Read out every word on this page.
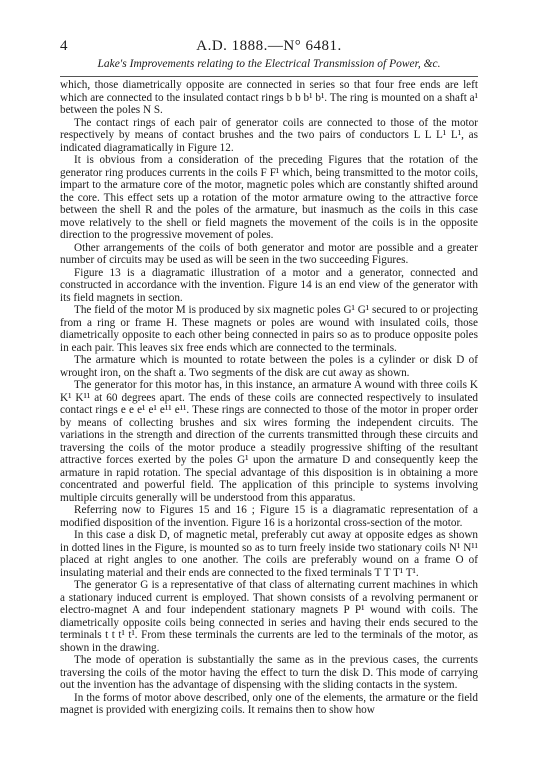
4	A.D. 1888.—N° 6481.
Lake's Improvements relating to the Electrical Transmission of Power, &c.

which, those diametrically opposite are connected in series so that four free ends are left which are connected to the insulated contact rings b b b¹ b¹. The ring is mounted on a shaft a¹ between the poles N S.

The contact rings of each pair of generator coils are connected to those of the motor respectively by means of contact brushes and the two pairs of conductors L L L¹ L¹, as indicated diagramatically in Figure 12.

It is obvious from a consideration of the preceding Figures that the rotation of the generator ring produces currents in the coils F F¹ which, being transmitted to the motor coils, impart to the armature core of the motor, magnetic poles which are constantly shifted around the core. This effect sets up a rotation of the motor armature owing to the attractive force between the shell R and the poles of the armature, but inasmuch as the coils in this case move relatively to the shell or field magnets the movement of the coils is in the opposite direction to the progressive movement of poles.

Other arrangements of the coils of both generator and motor are possible and a greater number of circuits may be used as will be seen in the two succeeding Figures.

Figure 13 is a diagramatic illustration of a motor and a generator, connected and constructed in accordance with the invention. Figure 14 is an end view of the generator with its field magnets in section.

The field of the motor M is produced by six magnetic poles G¹ G¹ secured to or projecting from a ring or frame H. These magnets or poles are wound with insulated coils, those diametrically opposite to each other being connected in pairs so as to produce opposite poles in each pair. This leaves six free ends which are connected to the terminals.

The armature which is mounted to rotate between the poles is a cylinder or disk D of wrought iron, on the shaft a. Two segments of the disk are cut away as shown.

The generator for this motor has, in this instance, an armature A wound with three coils K K¹ K¹¹ at 60 degrees apart. The ends of these coils are connected respectively to insulated contact rings e e e¹ e¹ e¹¹ e¹¹. These rings are connected to those of the motor in proper order by means of collecting brushes and six wires forming the independent circuits. The variations in the strength and direction of the currents transmitted through these circuits and traversing the coils of the motor produce a steadily progressive shifting of the resultant attractive forces exerted by the poles G¹ upon the armature D and consequently keep the armature in rapid rotation. The special advantage of this disposition is in obtaining a more concentrated and powerful field. The application of this principle to systems involving multiple circuits generally will be understood from this apparatus.

Referring now to Figures 15 and 16 ; Figure 15 is a diagramatic representation of a modified disposition of the invention. Figure 16 is a horizontal cross-section of the motor.

In this case a disk D, of magnetic metal, preferably cut away at opposite edges as shown in dotted lines in the Figure, is mounted so as to turn freely inside two stationary coils N¹ N¹¹ placed at right angles to one another. The coils are preferably wound on a frame O of insulating material and their ends are connected to the fixed terminals T T T¹ T¹.

The generator G is a representative of that class of alternating current machines in which a stationary induced current is employed. That shown consists of a revolving permanent or electro-magnet A and four independent stationary magnets P P¹ wound with coils. The diametrically opposite coils being connected in series and having their ends secured to the terminals t t t¹ t¹. From these terminals the currents are led to the terminals of the motor, as shown in the drawing.

The mode of operation is substantially the same as in the previous cases, the currents traversing the coils of the motor having the effect to turn the disk D. This mode of carrying out the invention has the advantage of dispensing with the sliding contacts in the system.

In the forms of motor above described, only one of the elements, the armature or the field magnet is provided with energizing coils. It remains then to show how
